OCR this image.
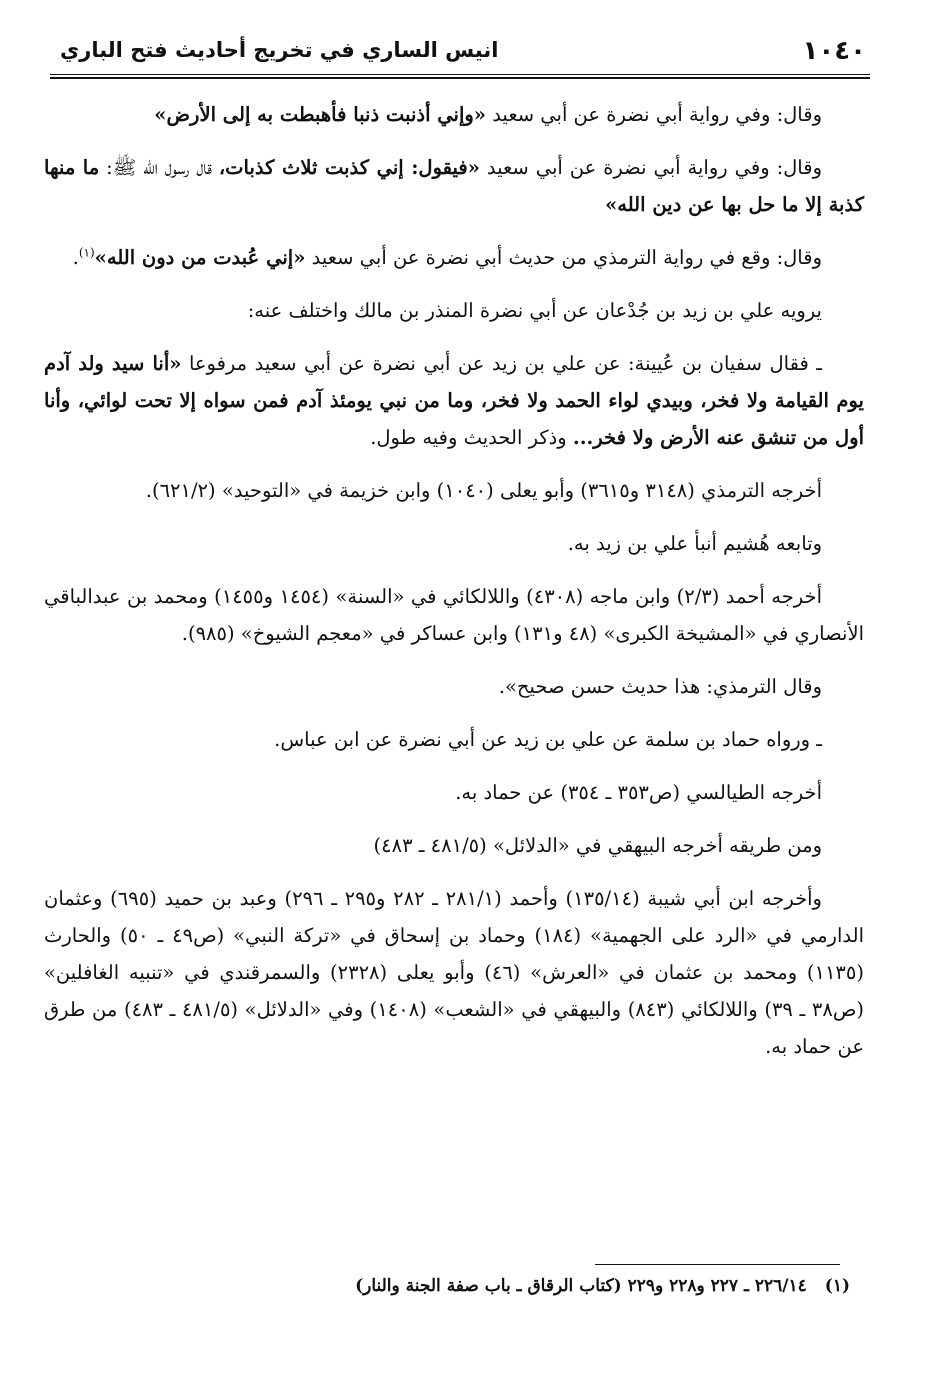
١٠٤٠
انيس الساري في تخريج أحاديث فتح الباري

وقال: وفي رواية أبي نضرة عن أبي سعيد «وإني أذنبت ذنبا فأهبطت به إلى الأرض»

وقال: وفي رواية أبي نضرة عن أبي سعيد «فيقول: إني كذبت ثلاث كذبات، قال رسول الله ﷺ: ما منها كذبة إلا ما حل بها عن دين الله»

وقال: وقع في رواية الترمذي من حديث أبي نضرة عن أبي سعيد «إني عُبدت من دون الله»$^{(١)}$.

يرويه علي بن زيد بن جُدْعان عن أبي نضرة المنذر بن مالك واختلف عنه:

ـ فقال سفيان بن عُيينة: عن علي بن زيد عن أبي نضرة عن أبي سعيد مرفوعا «أنا سيد ولد آدم يوم القيامة ولا فخر، وبيدي لواء الحمد ولا فخر، وما من نبي يومئذ آدم فمن سواه إلا تحت لوائي، وأنا أول من تنشق عنه الأرض ولا فخر... وذكر الحديث وفيه طول.

أخرجه الترمذي (٣١٤٨ و٣٦١٥) وأبو يعلى (١٠٤٠) وابن خزيمة في «التوحيد» (٦٢١/٢).

وتابعه هُشيم أنبأ علي بن زيد به.

أخرجه أحمد (٢/٣) وابن ماجه (٤٣٠٨) واللالكائي في «السنة» (١٤٥٤ و١٤٥٥) ومحمد بن عبدالباقي الأنصاري في «المشيخة الكبرى» (٤٨ و١٣١) وابن عساكر في «معجم الشيوخ» (٩٨٥).

وقال الترمذي: هذا حديث حسن صحيح».

ـ ورواه حماد بن سلمة عن علي بن زيد عن أبي نضرة عن ابن عباس.

أخرجه الطيالسي (ص٣٥٣ ـ ٣٥٤) عن حماد به.

ومن طريقه أخرجه البيهقي في «الدلائل» (٤٨١/٥ ـ ٤٨٣)

وأخرجه ابن أبي شيبة (١٣٥/١٤) وأحمد (٢٨١/١ ـ ٢٨٢ و٢٩٥ ـ ٢٩٦) وعبد بن حميد (٦٩٥) وعثمان الدارمي في «الرد على الجهمية» (١٨٤) وحماد بن إسحاق في «تركة النبي» (ص٤٩ ـ ٥٠) والحارث (١١٣٥) ومحمد بن عثمان في «العرش» (٤٦) وأبو يعلى (٢٣٢٨) والسمرقندي في «تنبيه الغافلين» (ص٣٨ ـ ٣٩) واللالكائي (٨٤٣) والبيهقي في «الشعب» (١٤٠٨) وفي «الدلائل» (٤٨١/٥ ـ ٤٨٣) من طرق عن حماد به.

(١)٢٢٦/١٤ ـ ٢٢٧ و٢٢٨ و٢٢٩ (كتاب الرقاق ـ باب صفة الجنة والنار)
